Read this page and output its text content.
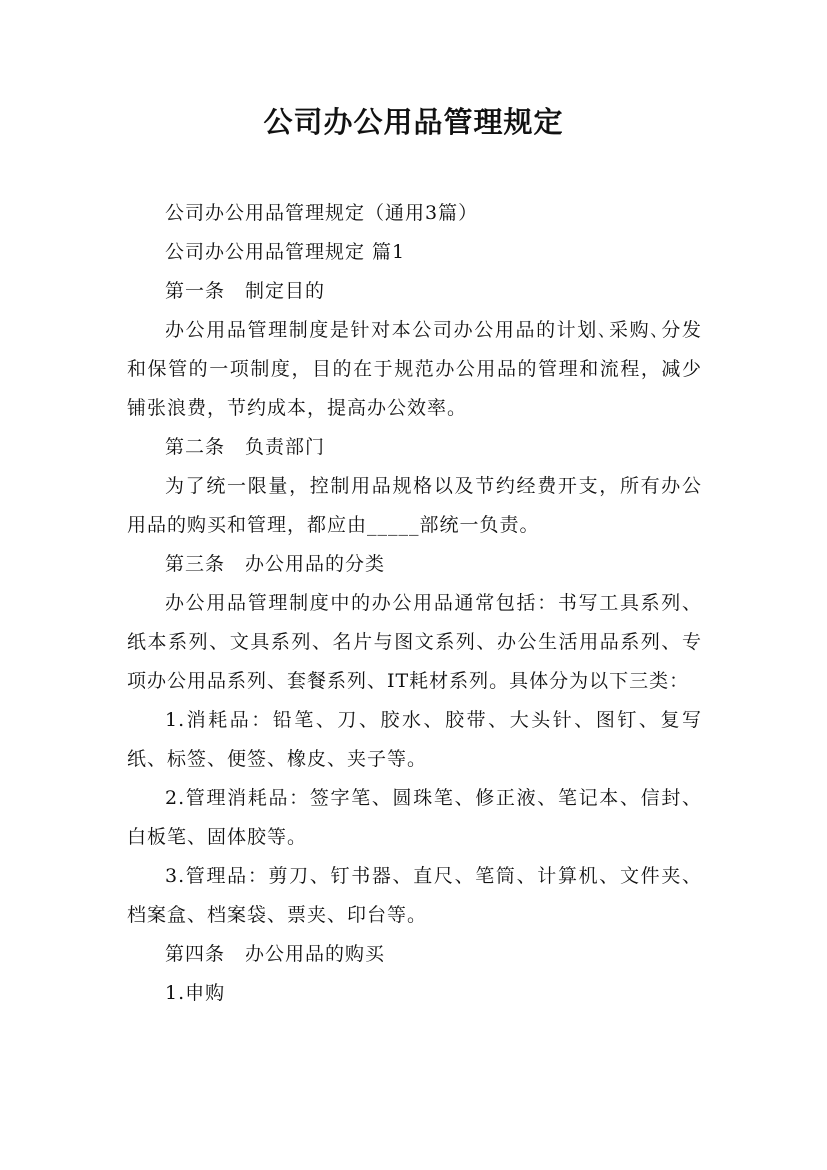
公司办公用品管理规定

公司办公用品管理规定（通用3篇）

公司办公用品管理规定 篇1

第一条　制定目的

办公用品管理制度是针对本公司办公用品的计划､采购､分发和保管的一项制度，目的在于规范办公用品的管理和流程，减少铺张浪费，节约成本，提高办公效率。

第二条　负责部门

为了统一限量，控制用品规格以及节约经费开支，所有办公用品的购买和管理，都应由_____部统一负责。

第三条　办公用品的分类

办公用品管理制度中的办公用品通常包括：书写工具系列、纸本系列、文具系列、名片与图文系列、办公生活用品系列、专项办公用品系列、套餐系列、IT耗材系列。具体分为以下三类：

1.消耗品：铅笔、刀、胶水、胶带、大头针、图钉、复写纸、标签、便签、橡皮、夹子等。

2.管理消耗品：签字笔、圆珠笔、修正液、笔记本、信封、白板笔、固体胶等。

3.管理品：剪刀、钉书器、直尺、笔筒、计算机、文件夹、档案盒、档案袋、票夹、印台等。

第四条　办公用品的购买

1.申购
